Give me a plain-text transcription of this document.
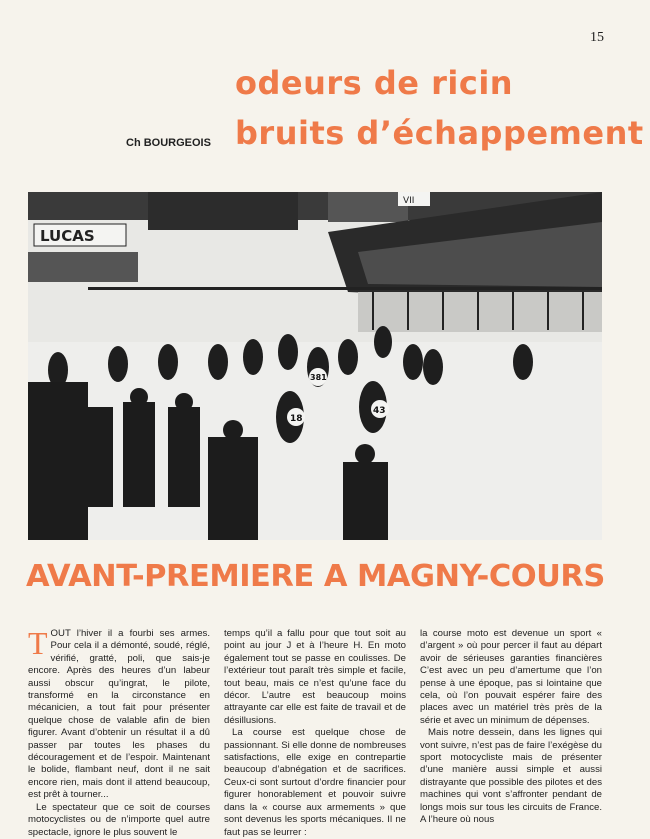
15
odeurs de ricin
Ch BOURGEOIS bruits d’échappement
LUCAS
VII
381
18
43
AVANT-PREMIERE A MAGNY-COURS

TOUT l’hiver il a fourbi ses armes. Pour cela il a démonté, soudé, réglé, vérifié, gratté, poli, que sais-je encore. Après des heures d’un labeur aussi obscur qu’ingrat, le pilote, transformé en la circonstance en mécanicien, a tout fait pour présenter quelque chose de valable afin de bien figurer. Avant d’obtenir un résultat il a dû passer par toutes les phases du découragement et de l’espoir. Maintenant le bolide, flambant neuf, dont il ne sait encore rien, mais dont il attend beaucoup, est prêt à tourner...

Le spectateur que ce soit de courses motocyclistes ou de n’importe quel autre spectacle, ignore le plus souvent le

temps qu’il a fallu pour que tout soit au point au jour J et à l’heure H. En moto également tout se passe en coulisses. De l’extérieur tout paraît très simple et facile, tout beau, mais ce n’est qu’une face du décor. L’autre est beaucoup moins attrayante car elle est faite de travail et de désillusions.

La course est quelque chose de passionnant. Si elle donne de nombreuses satisfactions, elle exige en contrepartie beaucoup d’abnégation et de sacrifices. Ceux-ci sont surtout d’ordre financier pour figurer honorablement et pouvoir suivre dans la « course aux armements » que sont devenus les sports mécaniques. Il ne faut pas se leurrer :

la course moto est devenue un sport « d’argent » où pour percer il faut au départ avoir de sérieuses garanties financières C’est avec un peu d’amertume que l’on pense à une époque, pas si lointaine que cela, où l’on pouvait espérer faire des places avec un matériel très près de la série et avec un minimum de dépenses.

Mais notre dessein, dans les lignes qui vont suivre, n’est pas de faire l’exégèse du sport motocycliste mais de présenter d’une manière aussi simple et aussi distrayante que possible des pilotes et des machines qui vont s’affronter pendant de longs mois sur tous les circuits de France. A l’heure où nous
